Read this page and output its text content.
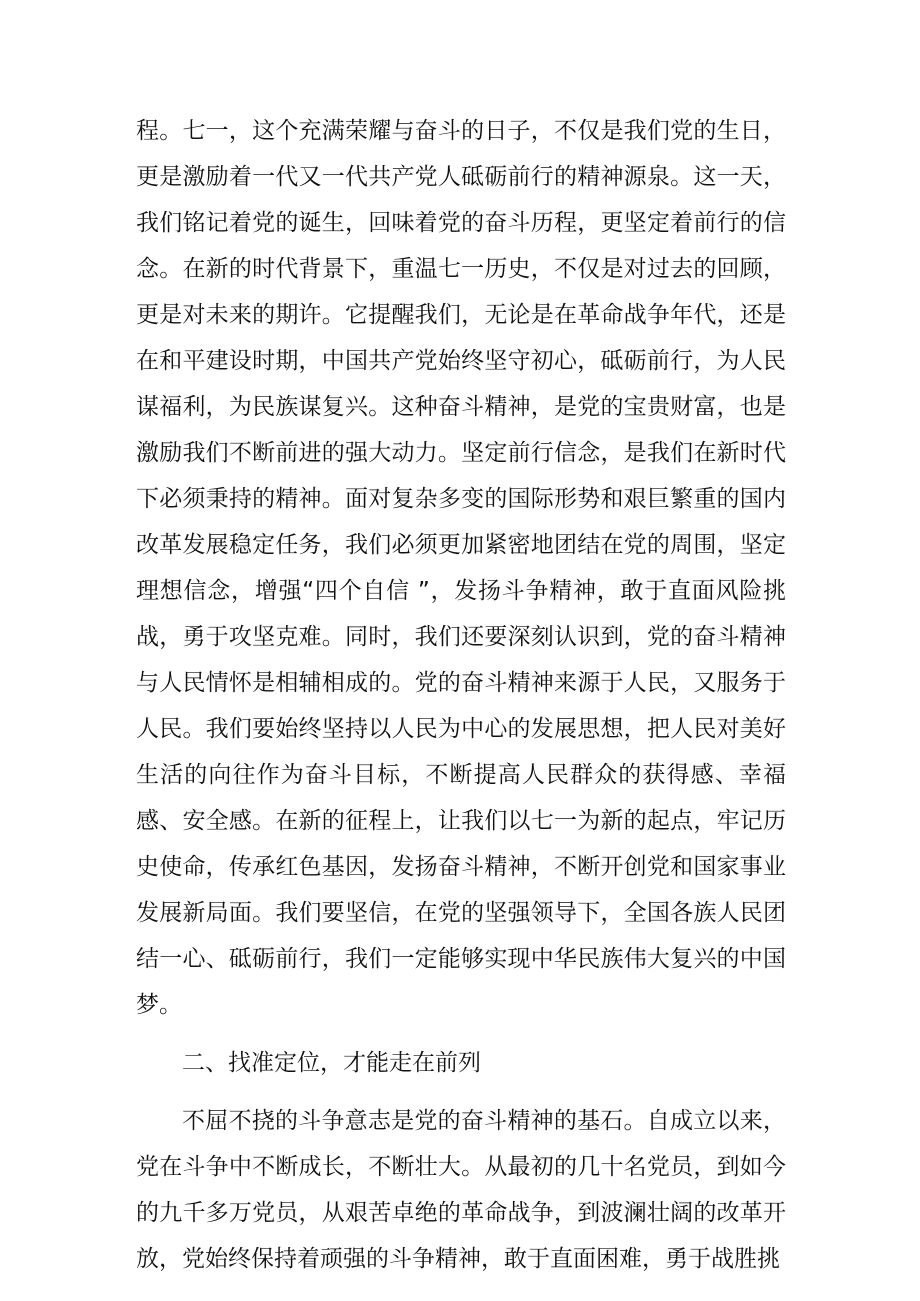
程。七一，这个充满荣耀与奋斗的日子，不仅是我们党的生日，更是激励着一代又一代共产党人砥砺前行的精神源泉。这一天，我们铭记着党的诞生，回味着党的奋斗历程，更坚定着前行的信念。在新的时代背景下，重温七一历史，不仅是对过去的回顾，更是对未来的期许。它提醒我们，无论是在革命战争年代，还是在和平建设时期，中国共产党始终坚守初心，砥砺前行，为人民谋福利，为民族谋复兴。这种奋斗精神，是党的宝贵财富，也是激励我们不断前进的强大动力。坚定前行信念，是我们在新时代下必须秉持的精神。面对复杂多变的国际形势和艰巨繁重的国内改革发展稳定任务，我们必须更加紧密地团结在党的周围，坚定理想信念，增强“四个自信 ”，发扬斗争精神，敢于直面风险挑战，勇于攻坚克难。同时，我们还要深刻认识到，党的奋斗精神与人民情怀是相辅相成的。党的奋斗精神来源于人民，又服务于人民。我们要始终坚持以人民为中心的发展思想，把人民对美好生活的向往作为奋斗目标，不断提高人民群众的获得感、幸福感、安全感。在新的征程上，让我们以七一为新的起点，牢记历史使命，传承红色基因，发扬奋斗精神，不断开创党和国家事业发展新局面。我们要坚信，在党的坚强领导下，全国各族人民团结一心、砥砺前行，我们一定能够实现中华民族伟大复兴的中国梦。

二、找准定位，才能走在前列

不屈不挠的斗争意志是党的奋斗精神的基石。自成立以来，党在斗争中不断成长，不断壮大。从最初的几十名党员，到如今的九千多万党员，从艰苦卓绝的革命战争，到波澜壮阔的改革开放，党始终保持着顽强的斗争精神，敢于直面困难，勇于战胜挑
